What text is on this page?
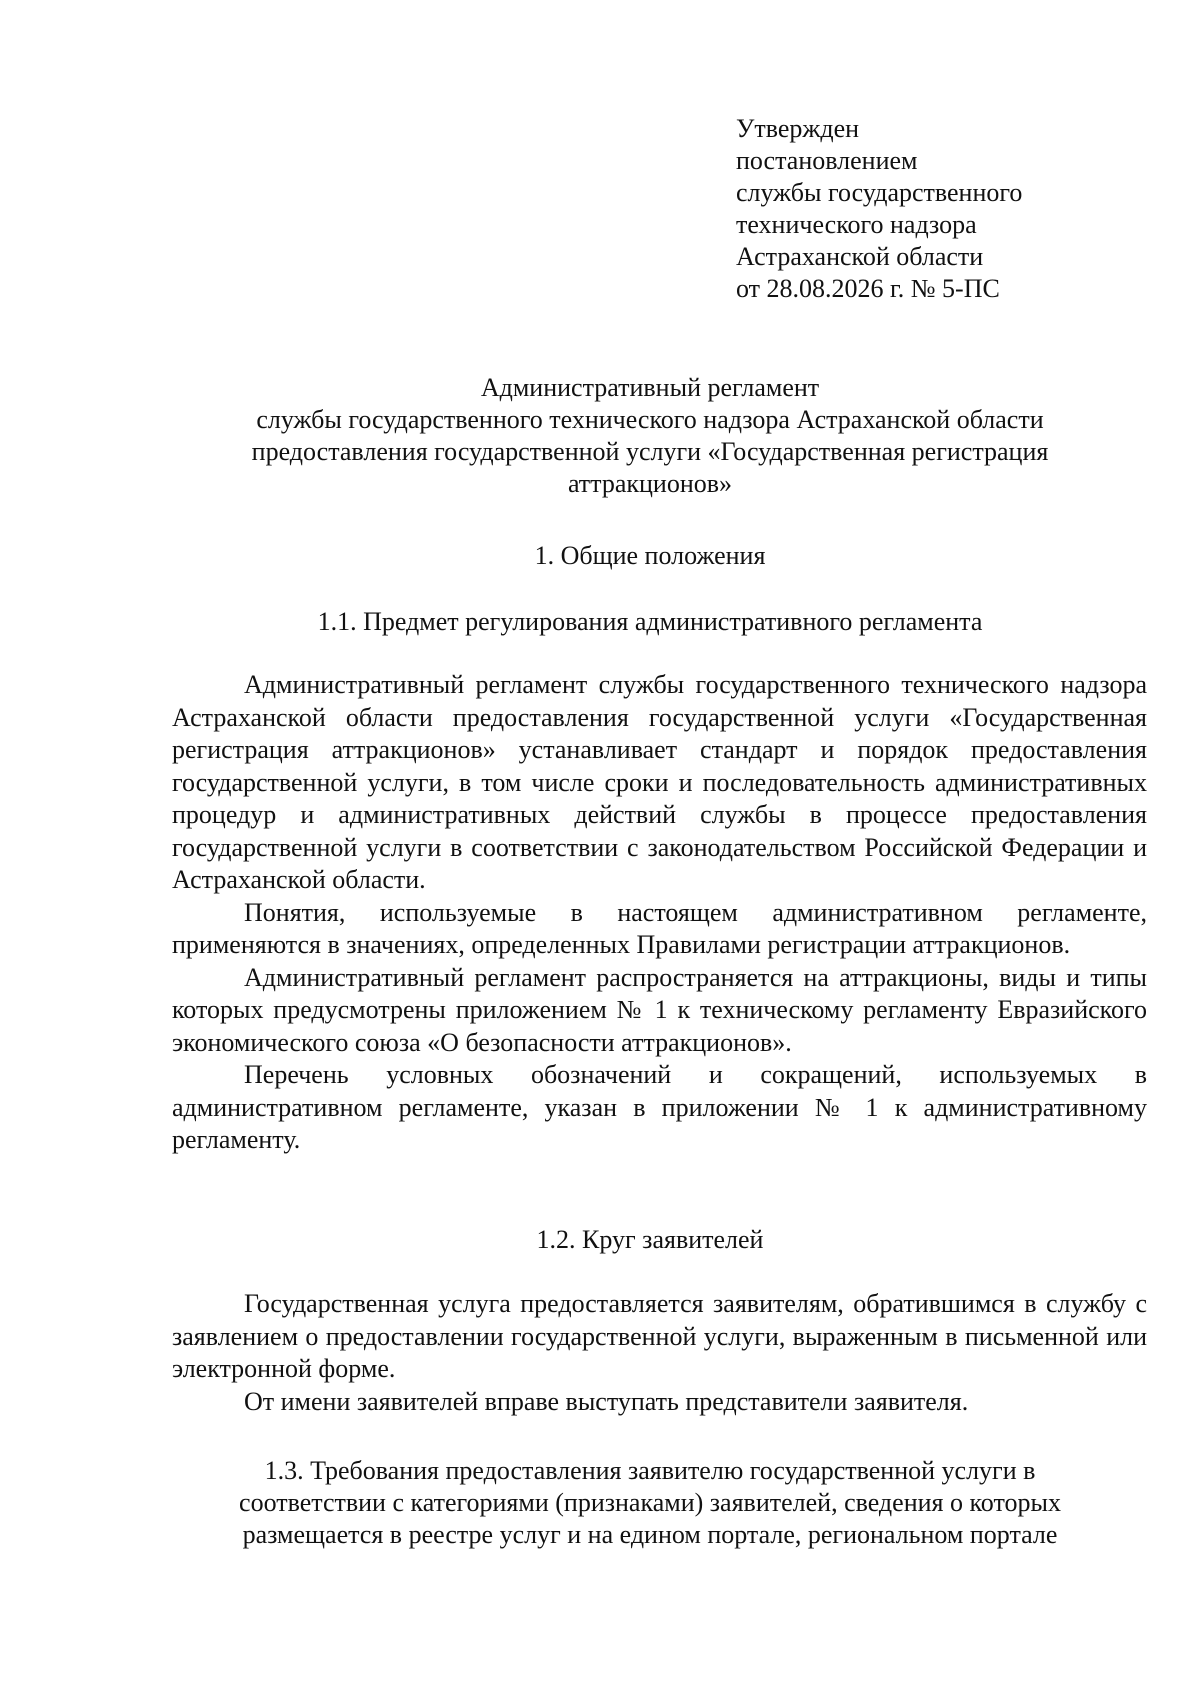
Утвержден
постановлением
службы государственного
технического надзора
Астраханской области
от 28.08.2026 г. № 5-ПС
Административный регламент
службы государственного технического надзора Астраханской области
предоставления государственной услуги «Государственная регистрация
аттракционов»
1. Общие положения
1.1. Предмет регулирования административного регламента

Административный регламент службы государственного технического надзора Астраханской области предоставления государственной услуги «Государственная регистрация аттракционов» устанавливает стандарт и порядок предоставления государственной услуги, в том числе сроки и последовательность административных процедур и административных действий службы в процессе предоставления государственной услуги в соответствии с законодательством Российской Федерации и Астраханской области.

Понятия, используемые в настоящем административном регламенте, применяются в значениях, определенных Правилами регистрации аттракционов.

Административный регламент распространяется на аттракционы, виды и типы которых предусмотрены приложением № 1 к техническому регламенту Евразийского экономического союза «О безопасности аттракционов».

Перечень условных обозначений и сокращений, используемых в административном регламенте, указан в приложении № 1 к административному регламенту.

1.2. Круг заявителей

Государственная услуга предоставляется заявителям, обратившимся в службу с заявлением о предоставлении государственной услуги, выраженным в письменной или электронной форме.

От имени заявителей вправе выступать представители заявителя.

1.3. Требования предоставления заявителю государственной услуги в
соответствии с категориями (признаками) заявителей, сведения о которых
размещается в реестре услуг и на едином портале, региональном портале
